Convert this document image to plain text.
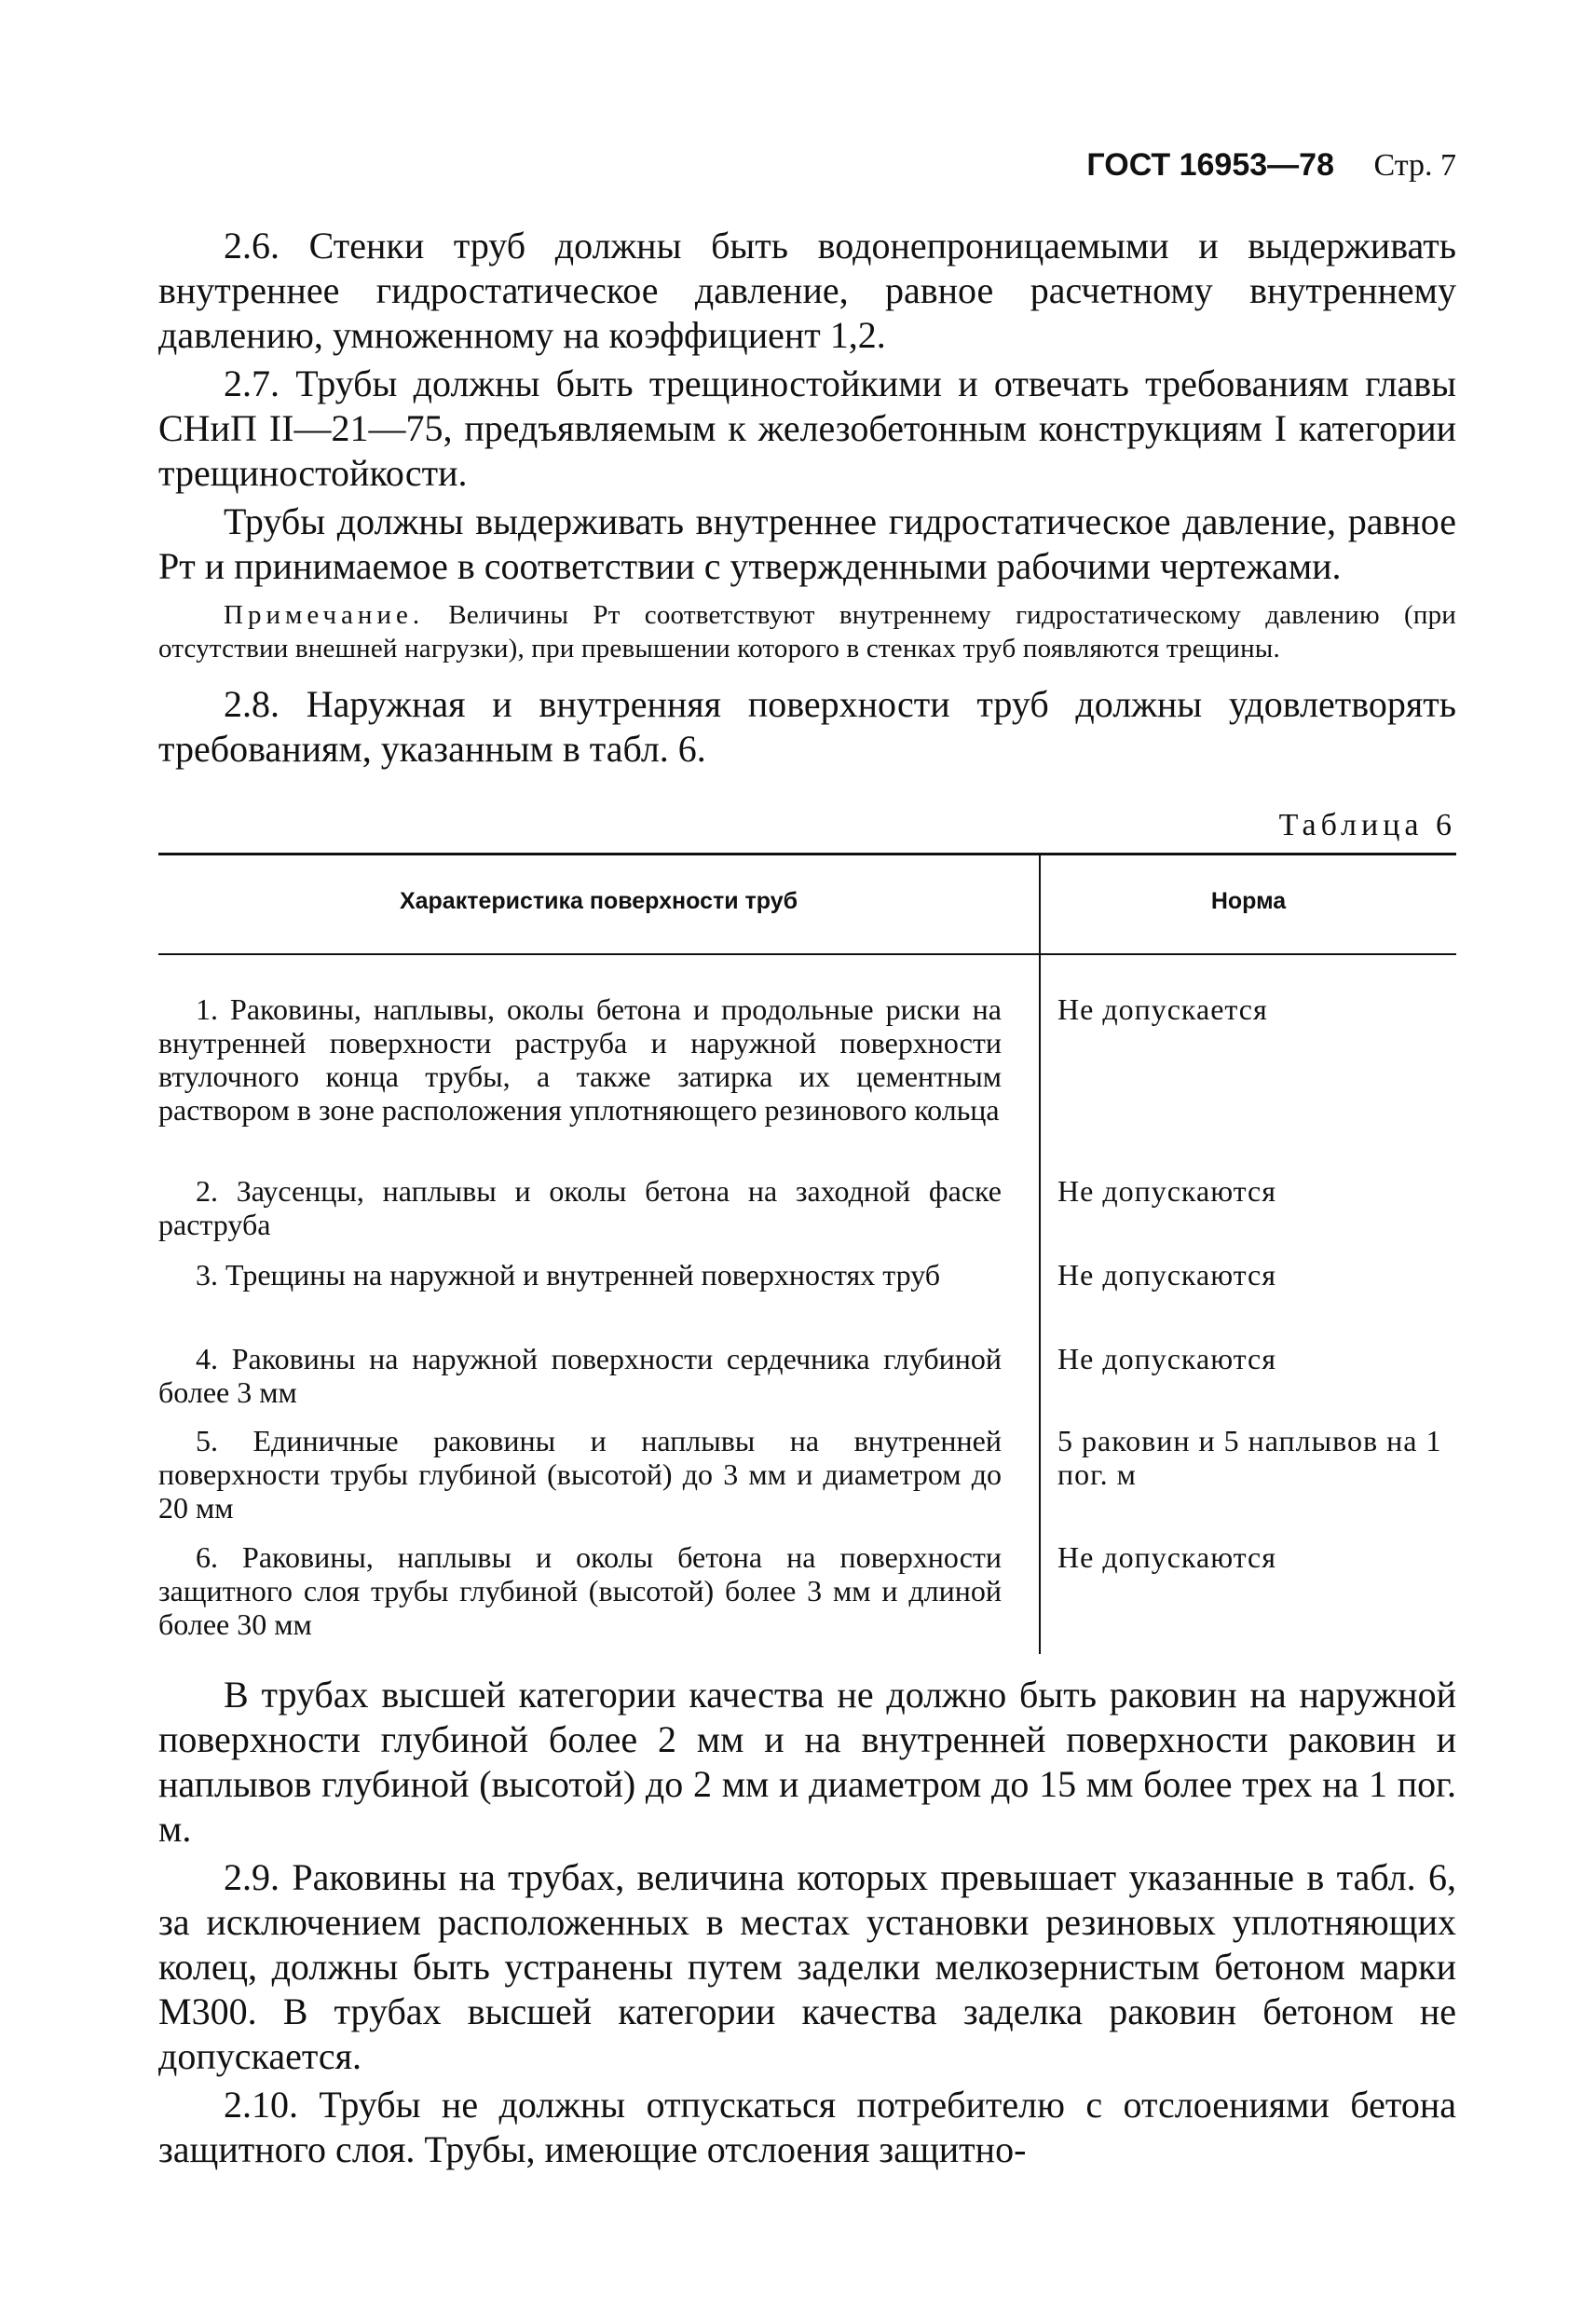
ГОСТ 16953—78 Стр. 7

2.6. Стенки труб должны быть водонепроницаемыми и выдерживать внутреннее гидростатическое давление, равное расчетному внутреннему давлению, умноженному на коэффициент 1,2.

2.7. Трубы должны быть трещиностойкими и отвечать требованиям главы СНиП II—21—75, предъявляемым к железобетонным конструкциям I категории трещиностойкости.

Трубы должны выдерживать внутреннее гидростатическое давление, равное Pт и принимаемое в соответствии с утвержденными рабочими чертежами.

Примечание. Величины Pт соответствуют внутреннему гидростатическому давлению (при отсутствии внешней нагрузки), при превышении которого в стенках труб появляются трещины.

2.8. Наружная и внутренняя поверхности труб должны удовлетворять требованиям, указанным в табл. 6.

Таблица 6
Характеристика поверхности труб	Норма
1. Раковины, наплывы, околы бетона и продольные риски на внутренней поверхности раструба и наружной поверхности втулочного конца трубы, а также затирка их цементным раствором в зоне расположения уплотняющего резинового кольца
Не допускается
2. Заусенцы, наплывы и околы бетона на заходной фаске раструба
Не допускаются
3. Трещины на наружной и внутренней поверхностях труб	Не допускаются
4. Раковины на наружной поверхности сердечника глубиной более 3 мм
Не допускаются
5. Единичные раковины и наплывы на внутренней поверхности трубы глубиной (высотой) до 3 мм и диаметром до 20 мм
5 раковин и 5 наплывов на 1 пог. м
6. Раковины, наплывы и околы бетона на поверхности защитного слоя трубы глубиной (высотой) более 3 мм и длиной более 30 мм
Не допускаются

В трубах высшей категории качества не должно быть раковин на наружной поверхности глубиной более 2 мм и на внутренней поверхности раковин и наплывов глубиной (высотой) до 2 мм и диаметром до 15 мм более трех на 1 пог. м.

2.9. Раковины на трубах, величина которых превышает указанные в табл. 6, за исключением расположенных в местах установки резиновых уплотняющих колец, должны быть устранены путем заделки мелкозернистым бетоном марки М300. В трубах высшей категории качества заделка раковин бетоном не допускается.

2.10. Трубы не должны отпускаться потребителю с отслоениями бетона защитного слоя. Трубы, имеющие отслоения защитно-
